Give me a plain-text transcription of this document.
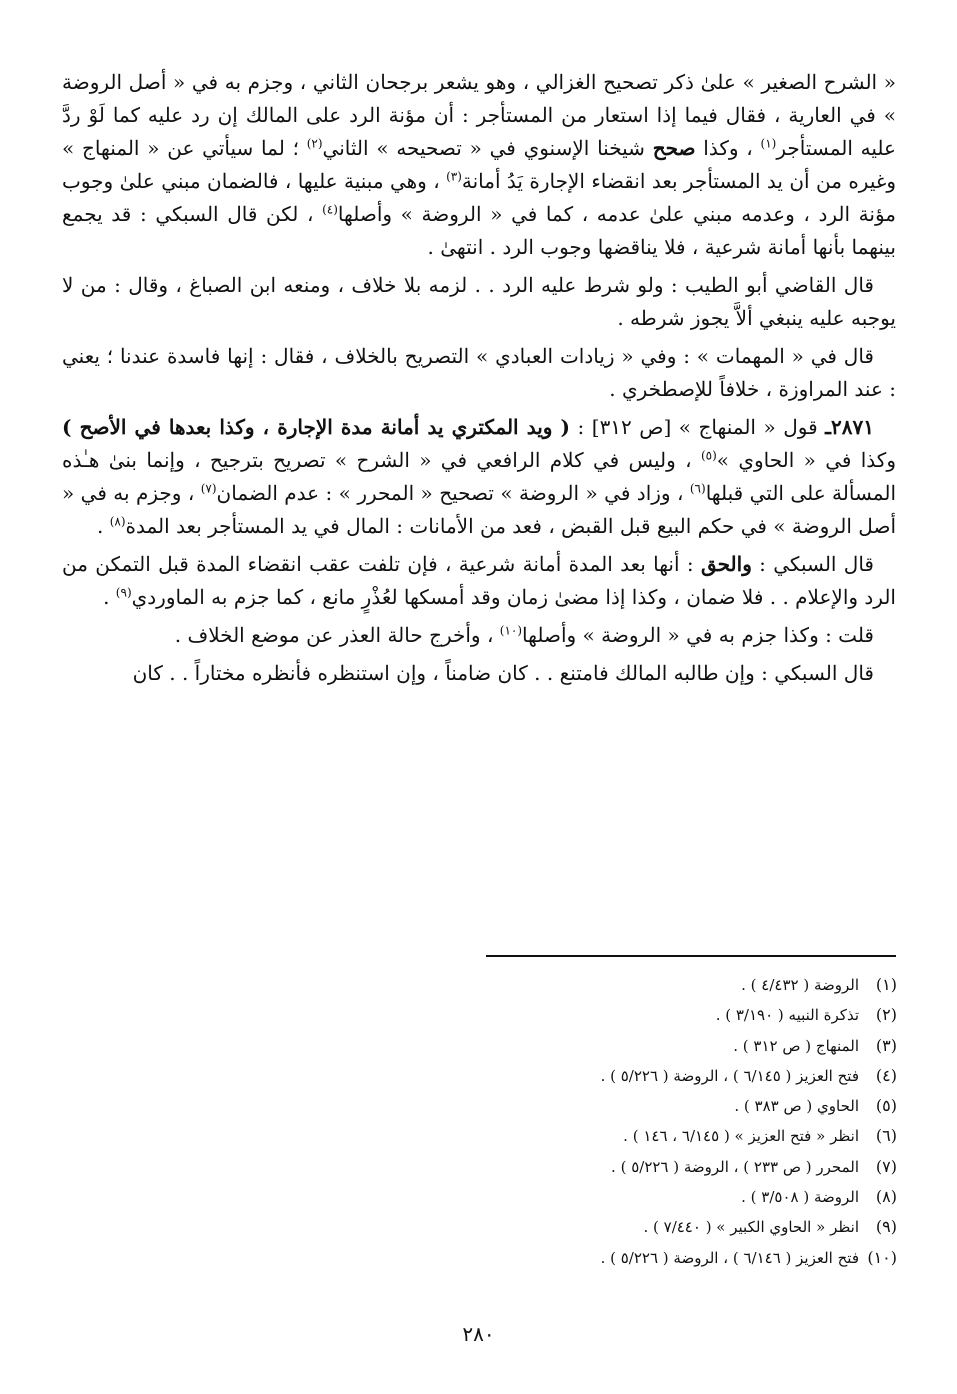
« الشرح الصغير » علىٰ ذكر تصحيح الغزالي ، وهو يشعر برجحان الثاني ، وجزم به في « أصل الروضة » في العارية ، فقال فيما إذا استعار من المستأجر : أن مؤنة الرد على المالك إن رد عليه كما لَوْ ردَّ عليه المستأجر$^{(١)}$ ، وكذا صحح شيخنا الإسنوي في « تصحيحه » الثاني$^{(٢)}$ ؛ لما سيأتي عن « المنهاج » وغيره من أن يد المستأجر بعد انقضاء الإجارة يَدُ أمانة$^{(٣)}$ ، وهي مبنية عليها ، فالضمان مبني علىٰ وجوب مؤنة الرد ، وعدمه مبني علىٰ عدمه ، كما في « الروضة » وأصلها$^{(٤)}$ ، لكن قال السبكي : قد يجمع بينهما بأنها أمانة شرعية ، فلا يناقضها وجوب الرد . انتهىٰ .

قال القاضي أبو الطيب : ولو شرط عليه الرد . . لزمه بلا خلاف ، ومنعه ابن الصباغ ، وقال : من لا يوجبه عليه ينبغي ألاَّ يجوز شرطه .

قال في « المهمات » : وفي « زيادات العبادي » التصريح بالخلاف ، فقال : إنها فاسدة عندنا ؛ يعني : عند المراوزة ، خلافاً للإصطخري .

٢٨٧١ـ قول « المنهاج » [ص ٣١٢] : ( ويد المكتري يد أمانة مدة الإجارة ، وكذا بعدها في الأصح ) وكذا في « الحاوي »$^{(٥)}$ ، وليس في كلام الرافعي في « الشرح » تصريح بترجيح ، وإنما بنىٰ هـٰذه المسألة على التي قبلها$^{(٦)}$ ، وزاد في « الروضة » تصحيح « المحرر » : عدم الضمان$^{(٧)}$ ، وجزم به في « أصل الروضة » في حكم البيع قبل القبض ، فعد من الأمانات : المال في يد المستأجر بعد المدة$^{(٨)}$ .

قال السبكي : والحق : أنها بعد المدة أمانة شرعية ، فإن تلفت عقب انقضاء المدة قبل التمكن من الرد والإعلام . . فلا ضمان ، وكذا إذا مضىٰ زمان وقد أمسكها لعُذْرٍ مانع ، كما جزم به الماوردي$^{(٩)}$ .

قلت : وكذا جزم به في « الروضة » وأصلها$^{(١٠)}$ ، وأخرج حالة العذر عن موضع الخلاف .

قال السبكي : وإن طالبه المالك فامتنع . . كان ضامناً ، وإن استنظره فأنظره مختاراً . . كان

(١)الروضة ( ٤/٤٣٢ ) .
(٢)تذكرة النبيه ( ٣/١٩٠ ) .
(٣)المنهاج ( ص ٣١٢ ) .
(٤)فتح العزيز ( ٦/١٤٥ ) ، الروضة ( ٥/٢٢٦ ) .
(٥)الحاوي ( ص ٣٨٣ ) .
(٦)انظر « فتح العزيز » ( ٦/١٤٥ ، ١٤٦ ) .
(٧)المحرر ( ص ٢٣٣ ) ، الروضة ( ٥/٢٢٦ ) .
(٨)الروضة ( ٣/٥٠٨ ) .
(٩)انظر « الحاوي الكبير » ( ٧/٤٤٠ ) .
(١٠)فتح العزيز ( ٦/١٤٦ ) ، الروضة ( ٥/٢٢٦ ) .
٢٨٠
